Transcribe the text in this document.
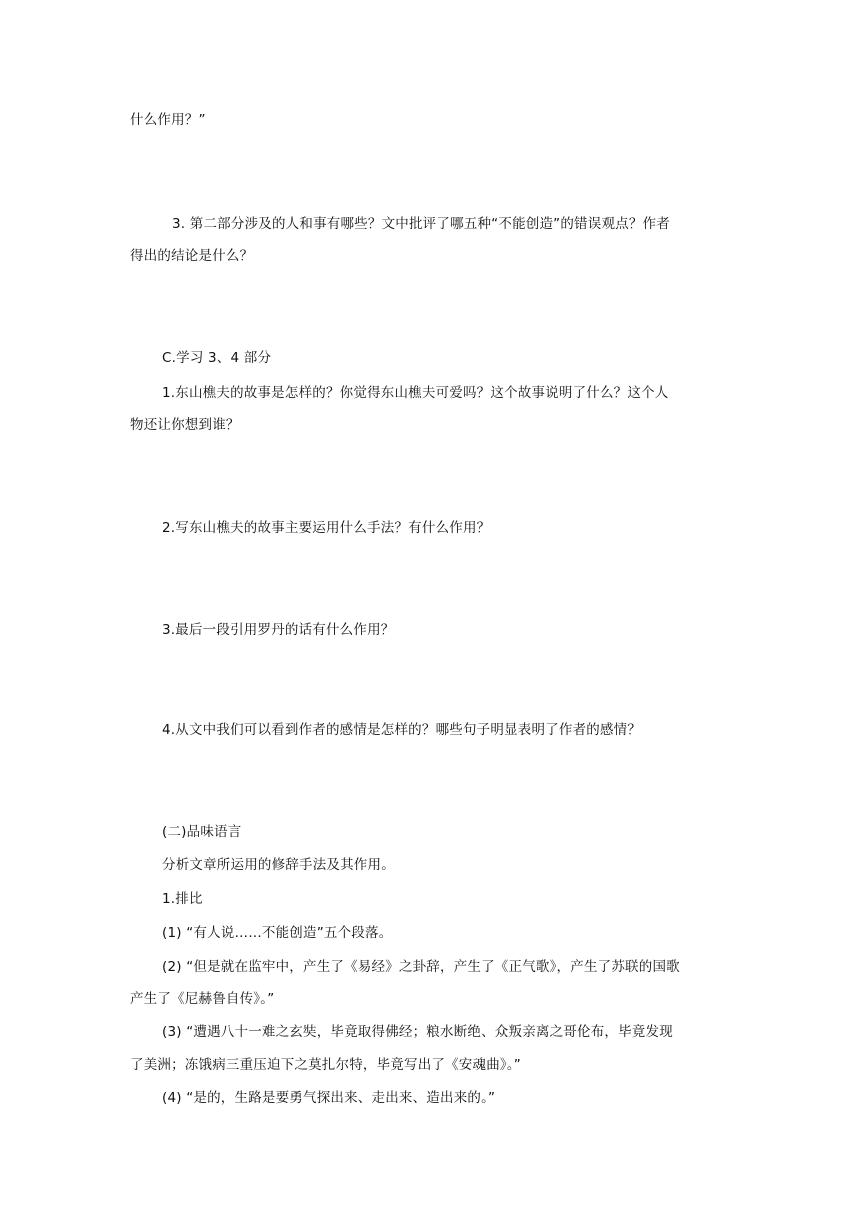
什么作用？”
3. 第二部分涉及的人和事有哪些？文中批评了哪五种“不能创造”的错误观点？作者
得出的结论是什么？
C.学习 3、4 部分
1.东山樵夫的故事是怎样的？你觉得东山樵夫可爱吗？这个故事说明了什么？这个人
物还让你想到谁？
2.写东山樵夫的故事主要运用什么手法？有什么作用？
3.最后一段引用罗丹的话有什么作用？
4.从文中我们可以看到作者的感情是怎样的？哪些句子明显表明了作者的感情？
(二)品味语言
分析文章所运用的修辞手法及其作用。
1.排比
(1) “有人说……不能创造”五个段落。
(2) “但是就在监牢中，产生了《易经》之卦辞，产生了《正气歌》，产生了苏联的国歌
产生了《尼赫鲁自传》。”
(3) “遭遇八十一难之玄奘，毕竟取得佛经；粮水断绝、众叛亲离之哥伦布，毕竟发现
了美洲；冻饿病三重压迫下之莫扎尔特，毕竟写出了《安魂曲》。”
(4) “是的，生路是要勇气探出来、走出来、造出来的。”
